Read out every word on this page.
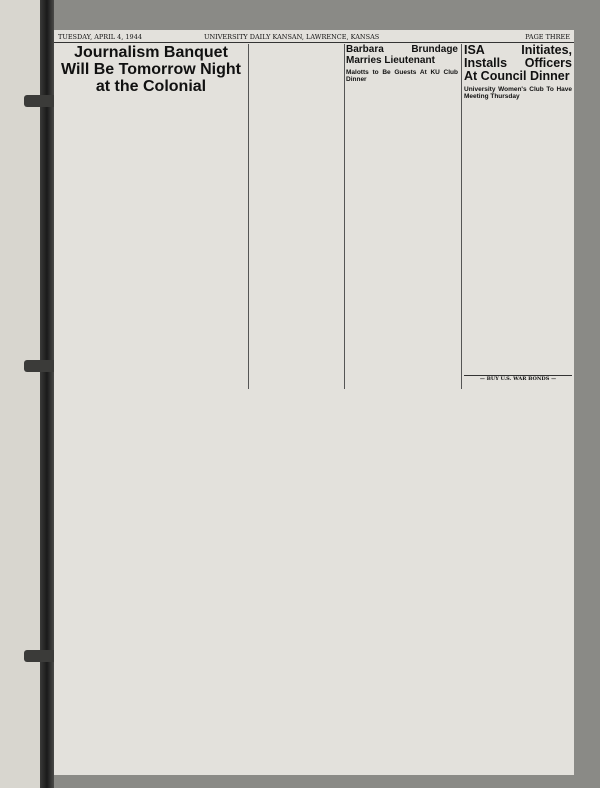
TUESDAY, APRIL 4, 1944	UNIVERSITY DAILY KANSAN, LAWRENCE, KANSAS	PAGE THREE
Journalism Banquet Will Be Tomorrow Night at the Colonial
Barbara Brundage Marries Lieutenant
Malotts to Be Guests At KU Club Dinner
ISA Initiates, Installs Officers At Council Dinner
University Women's Club To Have Meeting Thursday
— BUY U.S. WAR BONDS —
